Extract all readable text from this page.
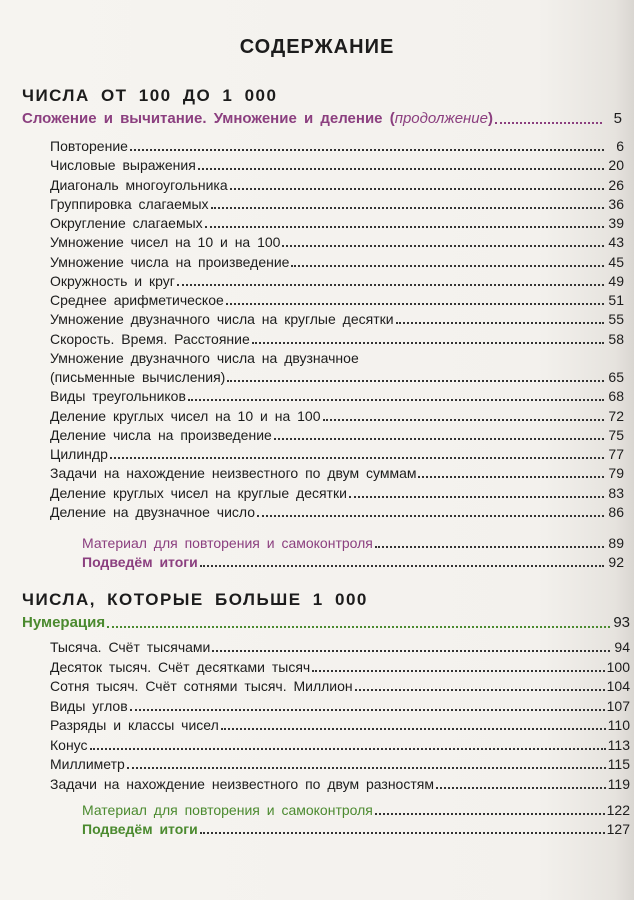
СОДЕРЖАНИЕ
ЧИСЛА ОТ 100 ДО 1 000
Сложение и вычитание. Умножение и деление (продолжение)	5
Повторение	6
Числовые выражения	20
Диагональ многоугольника	26
Группировка слагаемых	36
Округление слагаемых	39
Умножение чисел на 10 и на 100	43
Умножение числа на произведение	45
Окружность и круг	49
Среднее арифметическое	51
Умножение двузначного числа на круглые десятки	55
Скорость. Время. Расстояние	58
Умножение двузначного числа на двузначное
(письменные вычисления)	65
Виды треугольников	68
Деление круглых чисел на 10 и на 100	72
Деление числа на произведение	75
Цилиндр	77
Задачи на нахождение неизвестного по двум суммам	79
Деление круглых чисел на круглые десятки	83
Деление на двузначное число	86
Материал для повторения и самоконтроля	89
Подведём итоги	92
ЧИСЛА, КОТОРЫЕ БОЛЬШЕ 1 000
Нумерация	93
Тысяча. Счёт тысячами	94
Десяток тысяч. Счёт десятками тысяч	100
Сотня тысяч. Счёт сотнями тысяч. Миллион	104
Виды углов	107
Разряды и классы чисел	110
Конус	113
Миллиметр	115
Задачи на нахождение неизвестного по двум разностям	119
Материал для повторения и самоконтроля	122
Подведём итоги	127
